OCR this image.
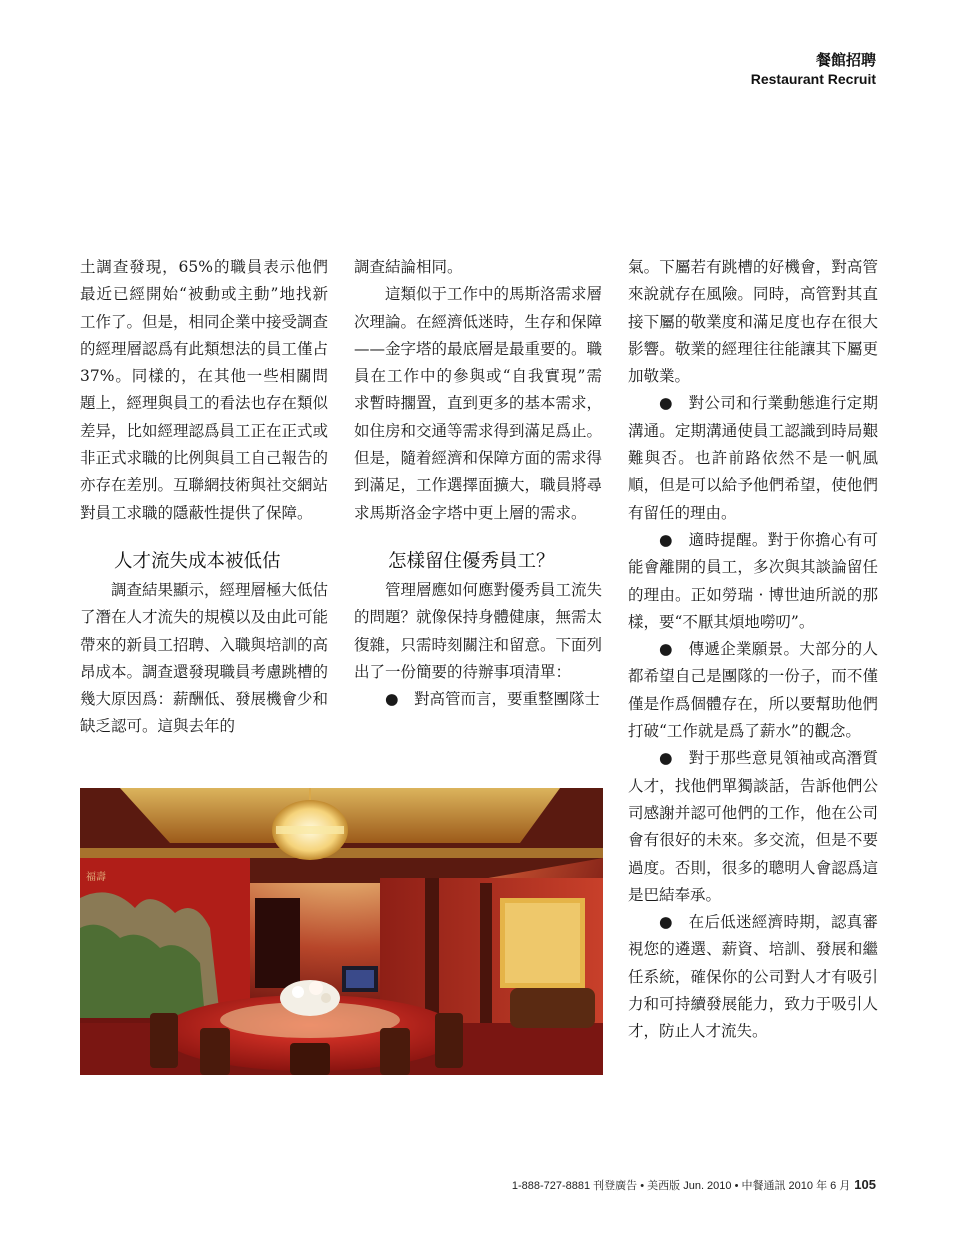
餐館招聘
Restaurant Recruit

土調查發現，65%的職員表示他們最近已經開始“被動或主動”地找新工作了。但是，相同企業中接受調查的經理層認爲有此類想法的員工僅占37%。同樣的，在其他一些相關問題上，經理與員工的看法也存在類似差异，比如經理認爲員工正在正式或非正式求職的比例與員工自己報告的亦存在差別。互聯網技術與社交網站對員工求職的隱蔽性提供了保障。

人才流失成本被低估

調查結果顯示，經理層極大低估了潛在人才流失的規模以及由此可能帶來的新員工招聘、入職與培訓的高昂成本。調查還發現職員考慮跳槽的幾大原因爲：薪酬低、發展機會少和缺乏認可。這與去年的

調查結論相同。

這類似于工作中的馬斯洛需求層次理論。在經濟低迷時，生存和保障——金字塔的最底層是最重要的。職員在工作中的參與或“自我實現”需求暫時擱置，直到更多的基本需求，如住房和交通等需求得到滿足爲止。但是，隨着經濟和保障方面的需求得到滿足，工作選擇面擴大，職員將尋求馬斯洛金字塔中更上層的需求。

怎樣留住優秀員工？

管理層應如何應對優秀員工流失的問題？就像保持身體健康，無需太復雜，只需時刻關注和留意。下面列出了一份簡要的待辦事項清單：

●　 對高管而言，要重整團隊士

氣。下屬若有跳槽的好機會，對高管來說就存在風險。同時，高管對其直接下屬的敬業度和滿足度也存在很大影響。敬業的經理往往能讓其下屬更加敬業。

●　 對公司和行業動態進行定期溝通。定期溝通使員工認識到時局艱難與否。也許前路依然不是一帆風順，但是可以給予他們希望，使他們有留任的理由。

●　 適時提醒。對于你擔心有可能會離開的員工，多次與其談論留任的理由。正如勞瑞 · 博世迪所説的那樣，要“不厭其煩地嘮叨”。

●　 傳遞企業願景。大部分的人都希望自己是團隊的一份子，而不僅僅是作爲個體存在，所以要幫助他們打破“工作就是爲了薪水”的觀念。

●　 對于那些意見領袖或高潛質人才，找他們單獨談話，告訴他們公司感謝并認可他們的工作，他在公司會有很好的未來。多交流，但是不要過度。否則，很多的聰明人會認爲這是巴結奉承。

●　 在后低迷經濟時期，認真審視您的遴選、薪資、培訓、發展和繼任系統，確保你的公司對人才有吸引力和可持續發展能力，致力于吸引人才，防止人才流失。

福壽
1-888-727-8881 刊登廣告 • 美西版 Jun. 2010 • 中餐通訊 2010 年 6 月 105
